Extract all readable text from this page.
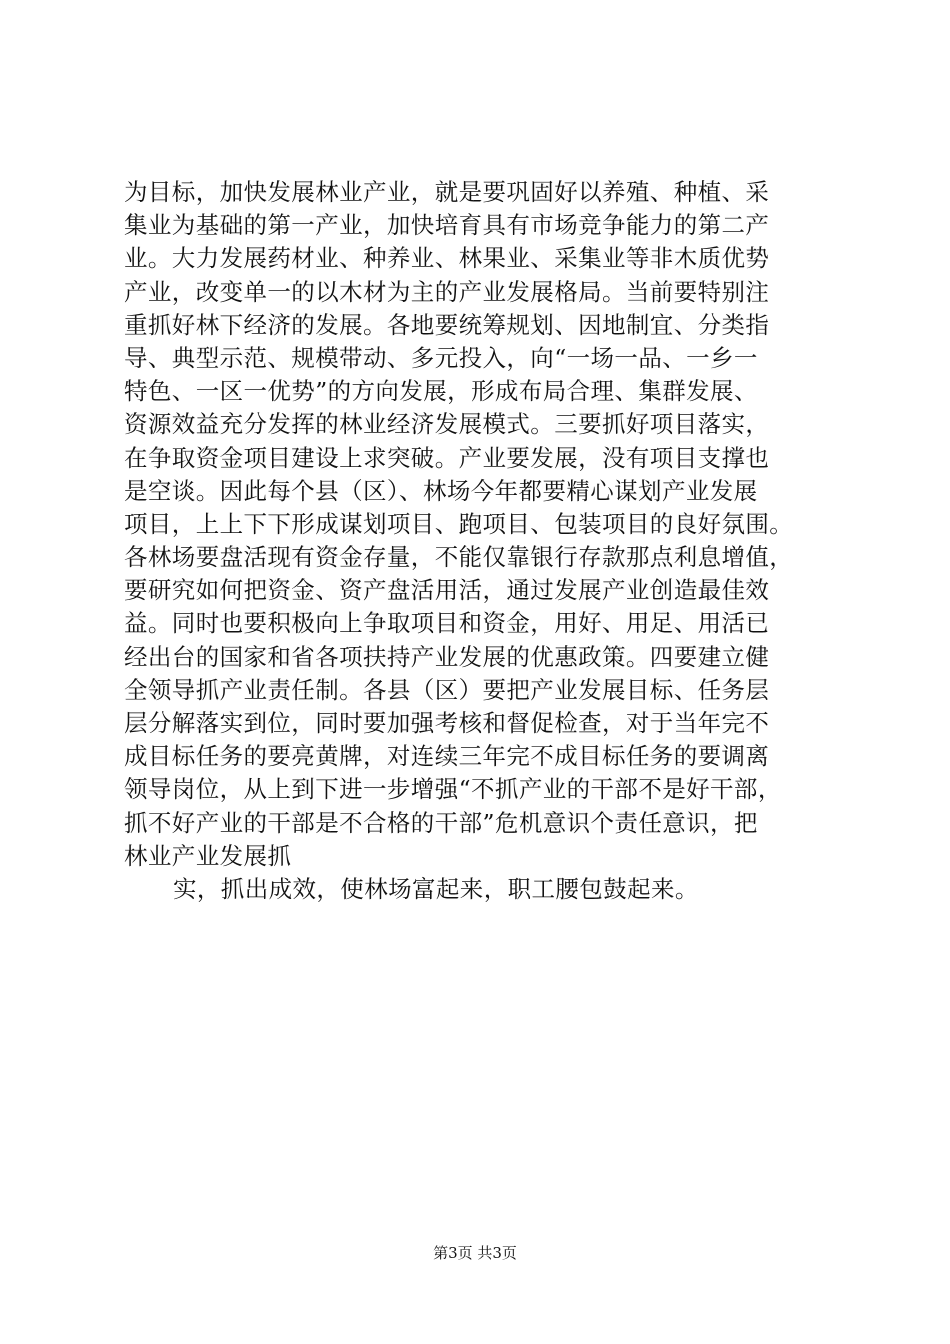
为目标，加快发展林业产业，就是要巩固好以养殖、种植、采
集业为基础的第一产业，加快培育具有市场竞争能力的第二产
业。大力发展药材业、种养业、林果业、采集业等非木质优势
产业，改变单一的以木材为主的产业发展格局。当前要特别注
重抓好林下经济的发展。各地要统筹规划、因地制宜、分类指
导、典型示范、规模带动、多元投入，向“一场一品、一乡一
特色、一区一优势”的方向发展，形成布局合理、集群发展、
资源效益充分发挥的林业经济发展模式。三要抓好项目落实，
在争取资金项目建设上求突破。产业要发展，没有项目支撑也
是空谈。因此每个县（区）、林场今年都要精心谋划产业发展
项目，上上下下形成谋划项目、跑项目、包装项目的良好氛围。
各林场要盘活现有资金存量，不能仅靠银行存款那点利息增值，
要研究如何把资金、资产盘活用活，通过发展产业创造最佳效
益。同时也要积极向上争取项目和资金，用好、用足、用活已
经出台的国家和省各项扶持产业发展的优惠政策。四要建立健
全领导抓产业责任制。各县（区）要把产业发展目标、任务层
层分解落实到位，同时要加强考核和督促检查，对于当年完不
成目标任务的要亮黄牌，对连续三年完不成目标任务的要调离
领导岗位，从上到下进一步增强“不抓产业的干部不是好干部，
抓不好产业的干部是不合格的干部”危机意识个责任意识，把
林业产业发展抓
实，抓出成效，使林场富起来，职工腰包鼓起来。
第3页 共3页
